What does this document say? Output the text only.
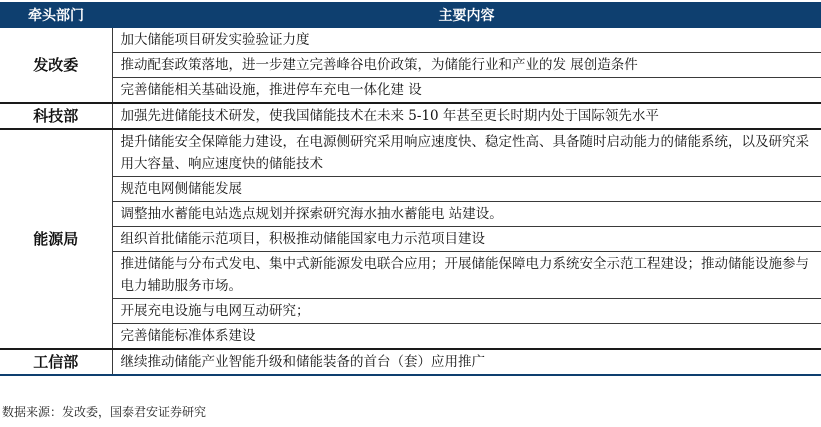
牵头部门	主要内容
发改委	加大储能项目研发实验验证力度
	推动配套政策落地，进一步建立完善峰谷电价政策，为储能行业和产业的发 展创造条件
	完善储能相关基础设施，推进停车充电一体化建 设
科技部	加强先进储能技术研发，使我国储能技术在未来 5-10 年甚至更长时期内处于国际领先水平
能源局	提升储能安全保障能力建设，在电源侧研究采用响应速度快、稳定性高、具备随时启动能力的储能系统，以及研究采用大容量、响应速度快的储能技术
	规范电网侧储能发展
	调整抽水蓄能电站选点规划并探索研究海水抽水蓄能电 站建设。
	组织首批储能示范项目，积极推动储能国家电力示范项目建设
	推进储能与分布式发电、集中式新能源发电联合应用；开展储能保障电力系统安全示范工程建设；推动储能设施参与电力辅助服务市场。
	开展充电设施与电网互动研究；
	完善储能标准体系建设
工信部	继续推动储能产业智能升级和储能装备的首台（套）应用推广
数据来源：发改委，国泰君安证券研究
